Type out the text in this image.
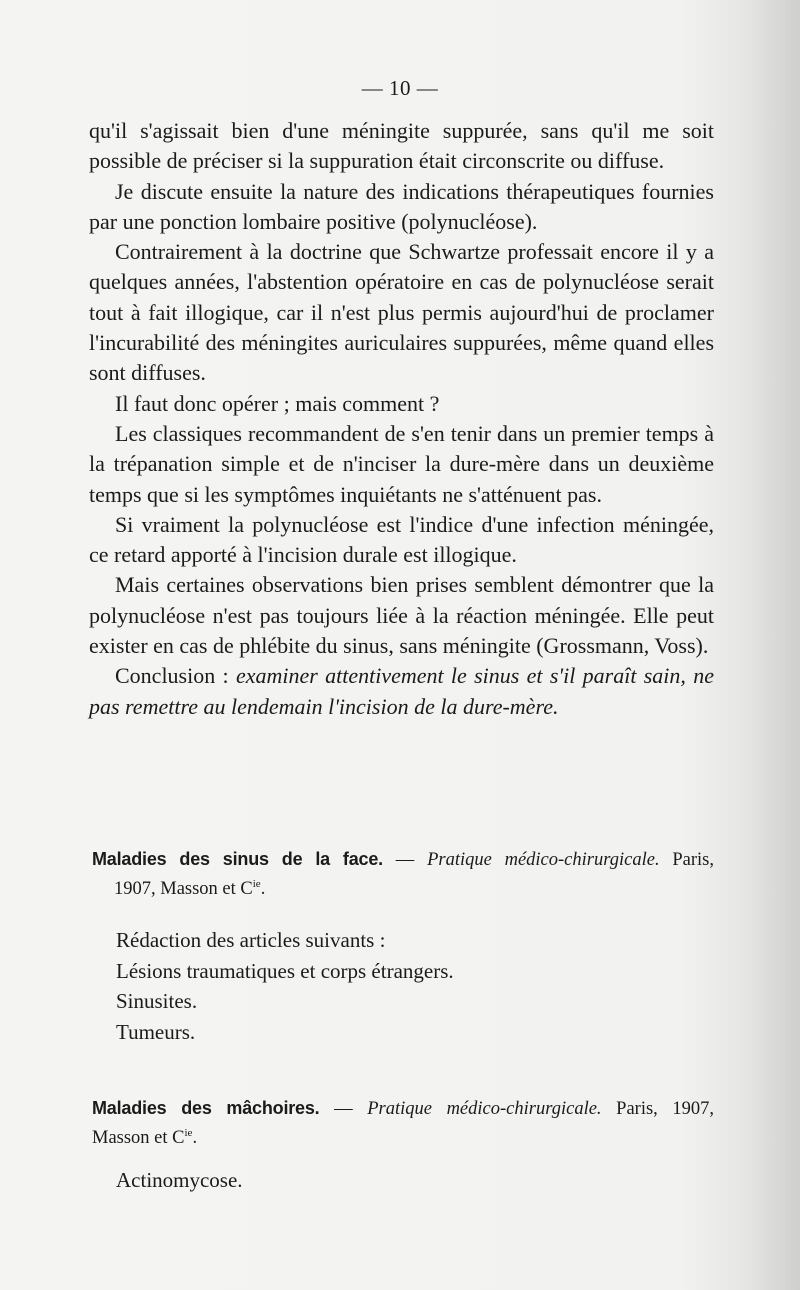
— 10 —

qu'il s'agissait bien d'une méningite suppurée, sans qu'il me soit possible de préciser si la suppuration était circonscrite ou diffuse.

Je discute ensuite la nature des indications thérapeutiques fournies par une ponction lombaire positive (polynucléose).

Contrairement à la doctrine que Schwartze professait encore il y a quelques années, l'abstention opératoire en cas de polynucléose serait tout à fait illogique, car il n'est plus permis aujourd'hui de proclamer l'incurabilité des méningites auriculaires suppurées, même quand elles sont diffuses.

Il faut donc opérer ; mais comment ?

Les classiques recommandent de s'en tenir dans un premier temps à la trépanation simple et de n'inciser la dure-mère dans un deuxième temps que si les symptômes inquiétants ne s'atténuent pas.

Si vraiment la polynucléose est l'indice d'une infection méningée, ce retard apporté à l'incision durale est illogique.

Mais certaines observations bien prises semblent démontrer que la polynucléose n'est pas toujours liée à la réaction méningée. Elle peut exister en cas de phlébite du sinus, sans méningite (Grossmann, Voss).

Conclusion : examiner attentivement le sinus et s'il paraît sain, ne pas remettre au lendemain l'incision de la dure-mère.

Maladies des sinus de la face. — Pratique médico-chirurgicale. Paris,
1907, Masson et $C^{ie}$.
Rédaction des articles suivants :
Lésions traumatiques et corps étrangers.
Sinusites.
Tumeurs.
Maladies des mâchoires. — Pratique médico-chirurgicale. Paris, 1907,
Masson et $C^{ie}$.
Actinomycose.
